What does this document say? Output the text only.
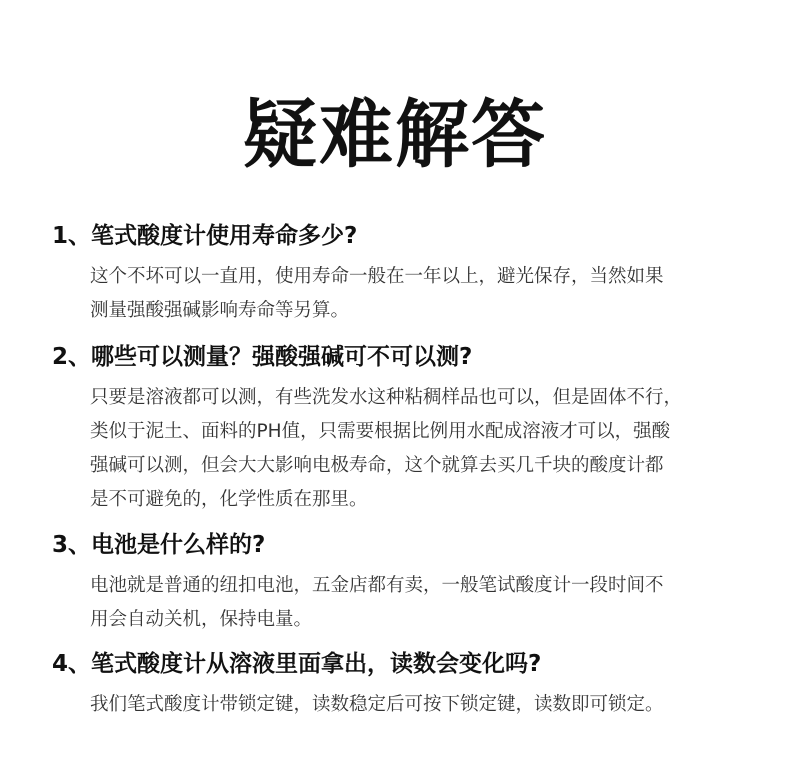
疑难解答
1、笔式酸度计使用寿命多少?
这个不坏可以一直用，使用寿命一般在一年以上，避光保存，当然如果
测量强酸强碱影响寿命等另算。
2、哪些可以测量？强酸强碱可不可以测?
只要是溶液都可以测，有些洗发水这种粘稠样品也可以，但是固体不行，
类似于泥土、面料的PH值，只需要根据比例用水配成溶液才可以，强酸
强碱可以测，但会大大影响电极寿命，这个就算去买几千块的酸度计都
是不可避免的，化学性质在那里。
3、电池是什么样的?
电池就是普通的纽扣电池，五金店都有卖，一般笔试酸度计一段时间不
用会自动关机，保持电量。
4、笔式酸度计从溶液里面拿出，读数会变化吗?
我们笔式酸度计带锁定键，读数稳定后可按下锁定键，读数即可锁定。
